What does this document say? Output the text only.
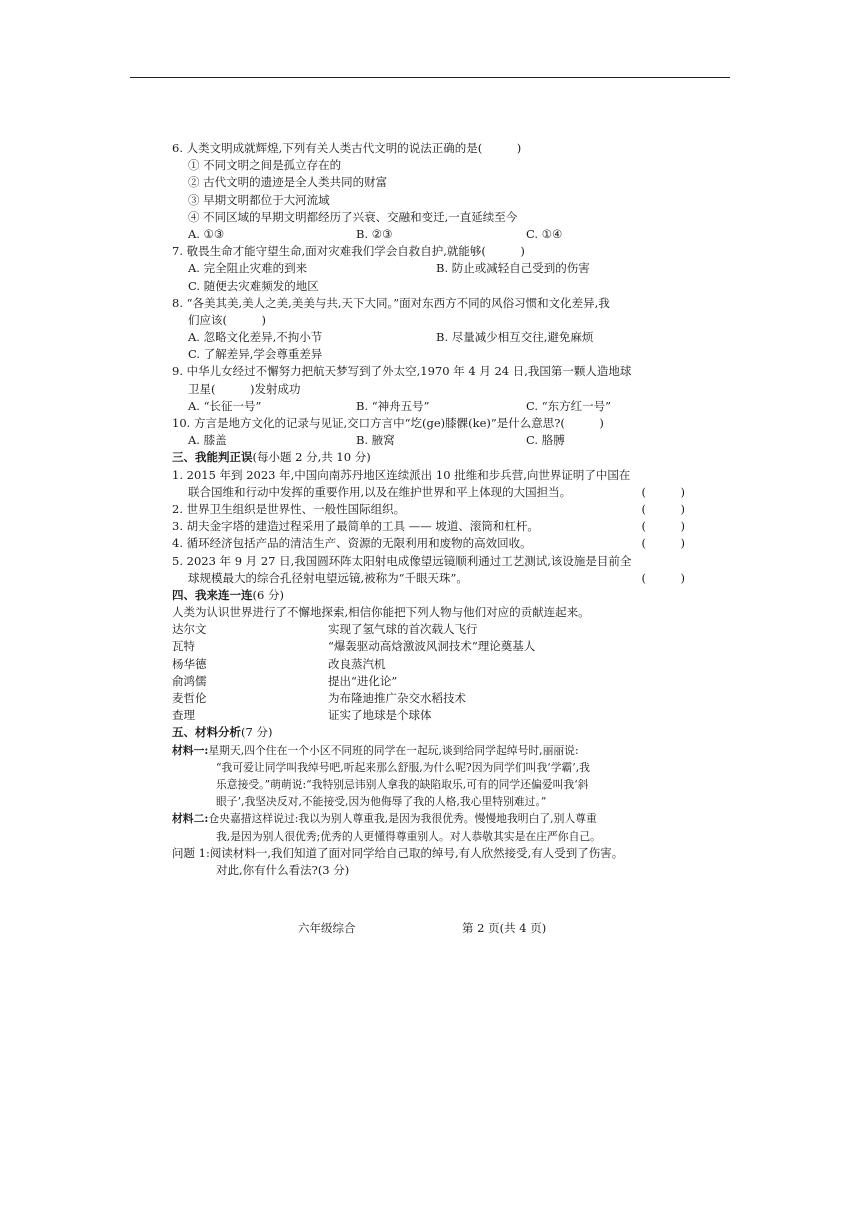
6. 人类文明成就辉煌,下列有关人类古代文明的说法正确的是(　　　)
① 不同文明之间是孤立存在的
② 古代文明的遗迹是全人类共同的财富
③ 早期文明都位于大河流域
④ 不同区域的早期文明都经历了兴衰、交融和变迁,一直延续至今
A. ①③	B. ②③	C. ①④
7. 敬畏生命才能守望生命,面对灾难我们学会自救自护,就能够(　　　)
A. 完全阻止灾难的到来	B. 防止或减轻自己受到的伤害
C. 随便去灾难频发的地区
8. “各美其美,美人之美,美美与共,天下大同。”面对东西方不同的风俗习惯和文化差异,我
们应该(　　　)
A. 忽略文化差异,不拘小节	B. 尽量减少相互交往,避免麻烦
C. 了解差异,学会尊重差异
9. 中华儿女经过不懈努力把航天梦写到了外太空,1970 年 4 月 24 日,我国第一颗人造地球
卫星(　　　)发射成功
A. “长征一号”	B. “神舟五号”	C. “东方红一号”
10. 方言是地方文化的记录与见证,交口方言中“圪(ge)膝髁(ke)”是什么意思?(　　　)
A. 膝盖	B. 腋窝	C. 胳膊
三、我能判正误(每小题 2 分,共 10 分)
1. 2015 年到 2023 年,中国向南苏丹地区连续派出 10 批维和步兵营,向世界证明了中国在
联合国维和行动中发挥的重要作用,以及在维护世界和平上体现的大国担当。	(　　　)
2. 世界卫生组织是世界性、一般性国际组织。	(　　　)
3. 胡夫金字塔的建造过程采用了最简单的工具 —— 坡道、滚筒和杠杆。	(　　　)
4. 循环经济包括产品的清洁生产、资源的无限利用和废物的高效回收。	(　　　)
5. 2023 年 9 月 27 日,我国圆环阵太阳射电成像望远镜顺利通过工艺测试,该设施是目前全
球规模最大的综合孔径射电望远镜,被称为“千眼天珠”。	(　　　)
四、我来连一连(6 分)
人类为认识世界进行了不懈地探索,相信你能把下列人物与他们对应的贡献连起来。
达尔文	实现了氢气球的首次载人飞行
瓦特	“爆轰驱动高焓激波风洞技术”理论奠基人
杨华德	改良蒸汽机
俞鸿儒	提出“进化论”
麦哲伦	为布隆迪推广杂交水稻技术
查理	证实了地球是个球体
五、材料分析(7 分)
材料一:星期天,四个住在一个小区不同班的同学在一起玩,谈到给同学起绰号时,丽丽说:
“我可爱让同学叫我绰号吧,听起来那么舒服,为什么呢?因为同学们叫我‘学霸’,我
乐意接受。”萌萌说:“我特别忌讳别人拿我的缺陷取乐,可有的同学还偏爱叫我‘斜
眼子’,我坚决反对,不能接受,因为他侮辱了我的人格,我心里特别难过。”
材料二:仓央嘉措这样说过:我以为别人尊重我,是因为我很优秀。慢慢地我明白了,别人尊重
我,是因为别人很优秀;优秀的人更懂得尊重别人。对人恭敬其实是在庄严你自己。
问题 1:阅读材料一,我们知道了面对同学给自己取的绰号,有人欣然接受,有人受到了伤害。
对此,你有什么看法?(3 分)
六年级综合	第 2 页(共 4 页)
